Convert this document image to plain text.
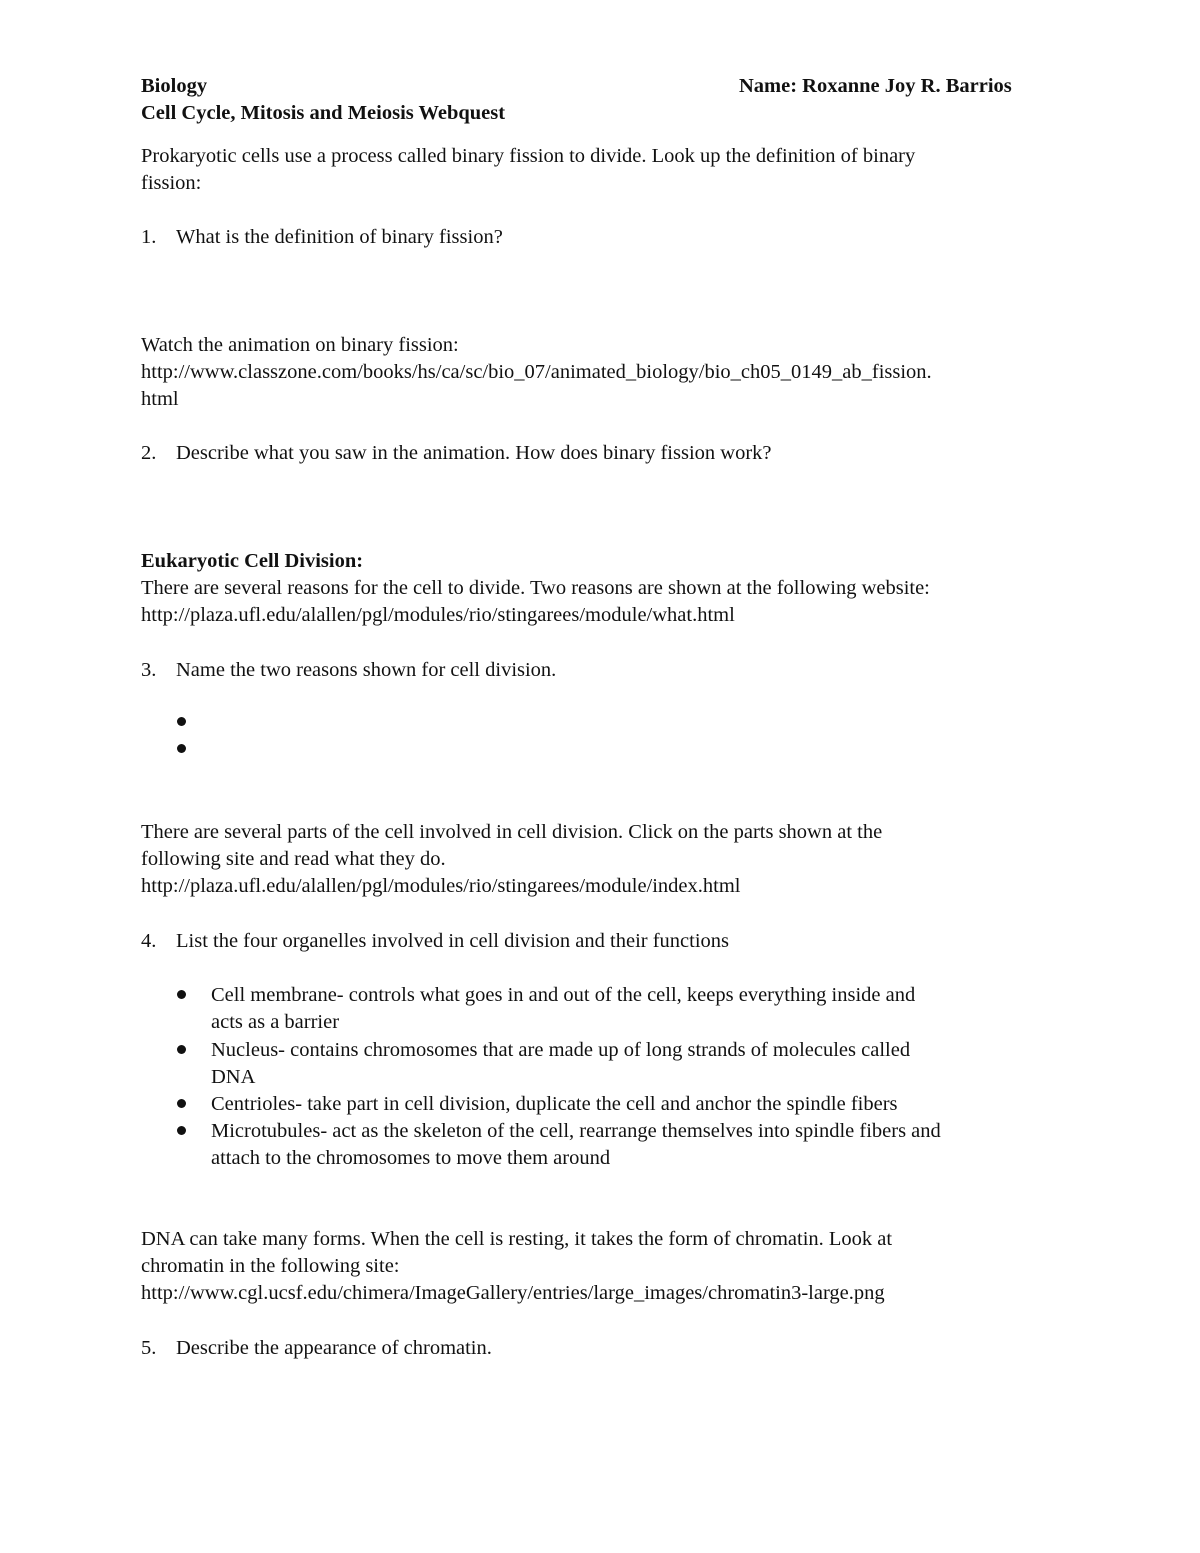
Biology	Name: Roxanne Joy R. Barrios
Cell Cycle, Mitosis and Meiosis Webquest
Prokaryotic cells use a process called binary fission to divide. Look up the definition of binary
fission:
1. What is the definition of binary fission?
Watch the animation on binary fission:
http://www.classzone.com/books/hs/ca/sc/bio_07/animated_biology/bio_ch05_0149_ab_fission.
html
2. Describe what you saw in the animation. How does binary fission work?
Eukaryotic Cell Division:
There are several reasons for the cell to divide. Two reasons are shown at the following website:
http://plaza.ufl.edu/alallen/pgl/modules/rio/stingarees/module/what.html
3. Name the two reasons shown for cell division.
There are several parts of the cell involved in cell division. Click on the parts shown at the
following site and read what they do.
http://plaza.ufl.edu/alallen/pgl/modules/rio/stingarees/module/index.html
4. List the four organelles involved in cell division and their functions
Cell membrane- controls what goes in and out of the cell, keeps everything inside and
acts as a barrier
Nucleus- contains chromosomes that are made up of long strands of molecules called
DNA
Centrioles- take part in cell division, duplicate the cell and anchor the spindle fibers
Microtubules- act as the skeleton of the cell, rearrange themselves into spindle fibers and
attach to the chromosomes to move them around
DNA can take many forms. When the cell is resting, it takes the form of chromatin. Look at
chromatin in the following site:
http://www.cgl.ucsf.edu/chimera/ImageGallery/entries/large_images/chromatin3-large.png
5. Describe the appearance of chromatin.
